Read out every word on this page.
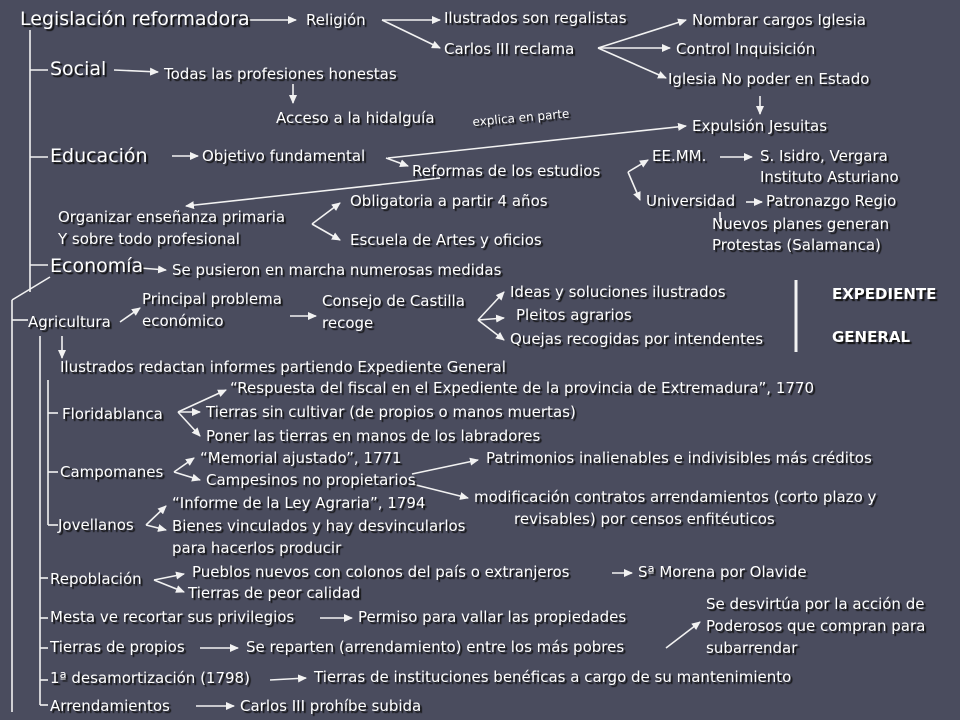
Legislación reformadora
Social
Educación
Economía
Religión	Ilustrados son regalistas
Carlos III reclama
Nombrar cargos Iglesia
Control Inquisición
Iglesia No poder en Estado
Expulsión Jesuitas
explica en parte
Todas las profesiones honestas
Acceso a la hidalguía
Objetivo fundamental
Reformas de los estudios
EE.MM.	S. Isidro, Vergara
Instituto Asturiano
Universidad Patronazgo Regio
Nuevos planes generan
Protestas (Salamanca)
Organizar enseñanza primaria
Y sobre todo profesional
Obligatoria a partir 4 años
Escuela de Artes y oficios
Se pusieron en marcha numerosas medidas
Agricultura
Principal problema
económico
Consejo de Castilla
recoge
Ideas y soluciones ilustrados
Pleitos agrarios
Quejas recogidas por intendentes
EXPEDIENTE
GENERAL
Ilustrados redactan informes partiendo Expediente General
Floridablanca
“Respuesta del fiscal en el Expediente de la provincia de Extremadura”, 1770
Tierras sin cultivar (de propios o manos muertas)
Poner las tierras en manos de los labradores
Campomanes
“Memorial ajustado”, 1771
Campesinos no propietarios
Patrimonios inalienables e indivisibles más créditos
Jovellanos
“Informe de la Ley Agraria”, 1794
Bienes vinculados y hay desvincularlos
para hacerlos producir
modificación contratos arrendamientos (corto plazo y
revisables) por censos enfitéuticos
Repoblación	Pueblos nuevos con colonos del país o extranjeros	Sª Morena por Olavide
Tierras de peor calidad
Mesta ve recortar sus privilegios	Permiso para vallar las propiedades
Tierras de propios	Se reparten (arrendamiento) entre los más pobres
Se desvirtúa por la acción de
Poderosos que compran para
subarrendar
1ª desamortización (1798)	Tierras de instituciones benéficas a cargo de su mantenimiento
Arrendamientos	Carlos III prohíbe subida
